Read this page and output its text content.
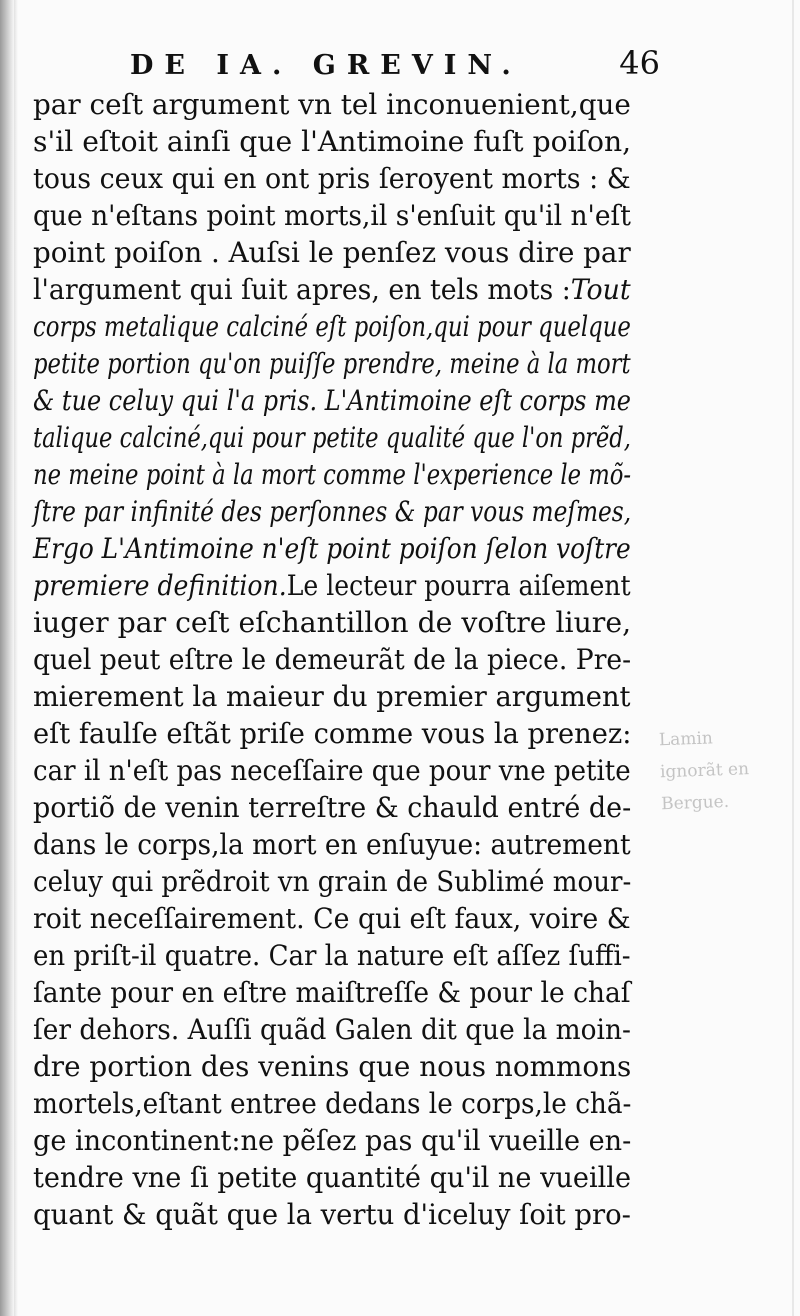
DE IA. GREVIN.	46
par ceſt argument vn tel inconuenient,que
s'il eſtoit ainſi que l'Antimoine fuſt poiſon,
tous ceux qui en ont pris ſeroyent morts : &
que n'eſtans point morts,il s'enſuit qu'il n'eſt
point poiſon . Auſsi le penſez vous dire par
l'argument qui ſuit apres, en tels mots :Tout
corps metalique calciné eſt poiſon,qui pour quelque
petite portion qu'on puiſſe prendre, meine à la mort
& tue celuy qui l'a pris. L'Antimoine eſt corps me
talique calciné,qui pour petite qualité que l'on prẽd,
ne meine point à la mort comme l'experience le mõ-
ſtre par infinité des perſonnes & par vous meſmes,
Ergo L'Antimoine n'eſt point poiſon ſelon voſtre
premiere definition.Le lecteur pourra aiſement
iuger par ceſt eſchantillon de voſtre liure,
quel peut eſtre le demeurãt de la piece. Pre-
mierement la maieur du premier argument
eſt faulſe eſtãt priſe comme vous la prenez:
car il n'eſt pas neceſſaire que pour vne petite
portiõ de venin terreſtre & chauld entré de-
dans le corps,la mort en enſuyue: autrement
celuy qui prẽdroit vn grain de Sublimé mour-
roit neceſſairement. Ce qui eſt faux, voire &
en priſt-il quatre. Car la nature eſt aſſez ſuffi-
ſante pour en eſtre maiſtreſſe & pour le chaſ
ſer dehors. Auſſi quãd Galen dit que la moin-
dre portion des venins que nous nommons
mortels,eſtant entree dedans le corps,le chã-
ge incontinent:ne pẽſez pas qu'il vueille en-
tendre vne ſi petite quantité qu'il ne vueille
quant & quãt que la vertu d'iceluy ſoit pro-
Lamin
ignorãt en
Bergue.
